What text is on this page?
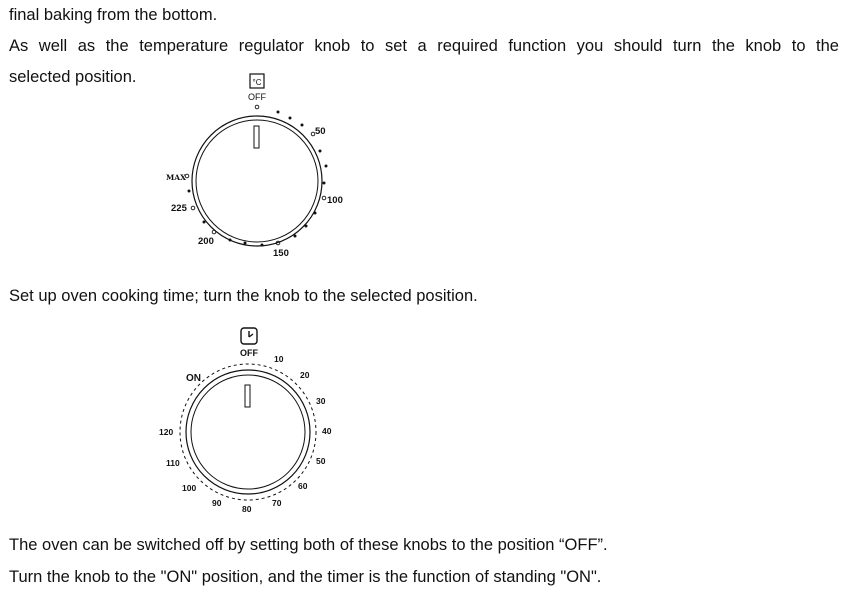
final baking from the bottom.

As well as the temperature regulator knob to set a required function you should turn the knob to the

selected position.	°C
OFF
50
100
150
200
225
MAX

Set up oven cooking time; turn the knob to the selected position.

OFF
ON
10
20
30
40
50
60
70
80
90
100
110
120

The oven can be switched off by setting both of these knobs to the position “OFF”.

Turn the knob to the "ON" position, and the timer is the function of standing "ON".
